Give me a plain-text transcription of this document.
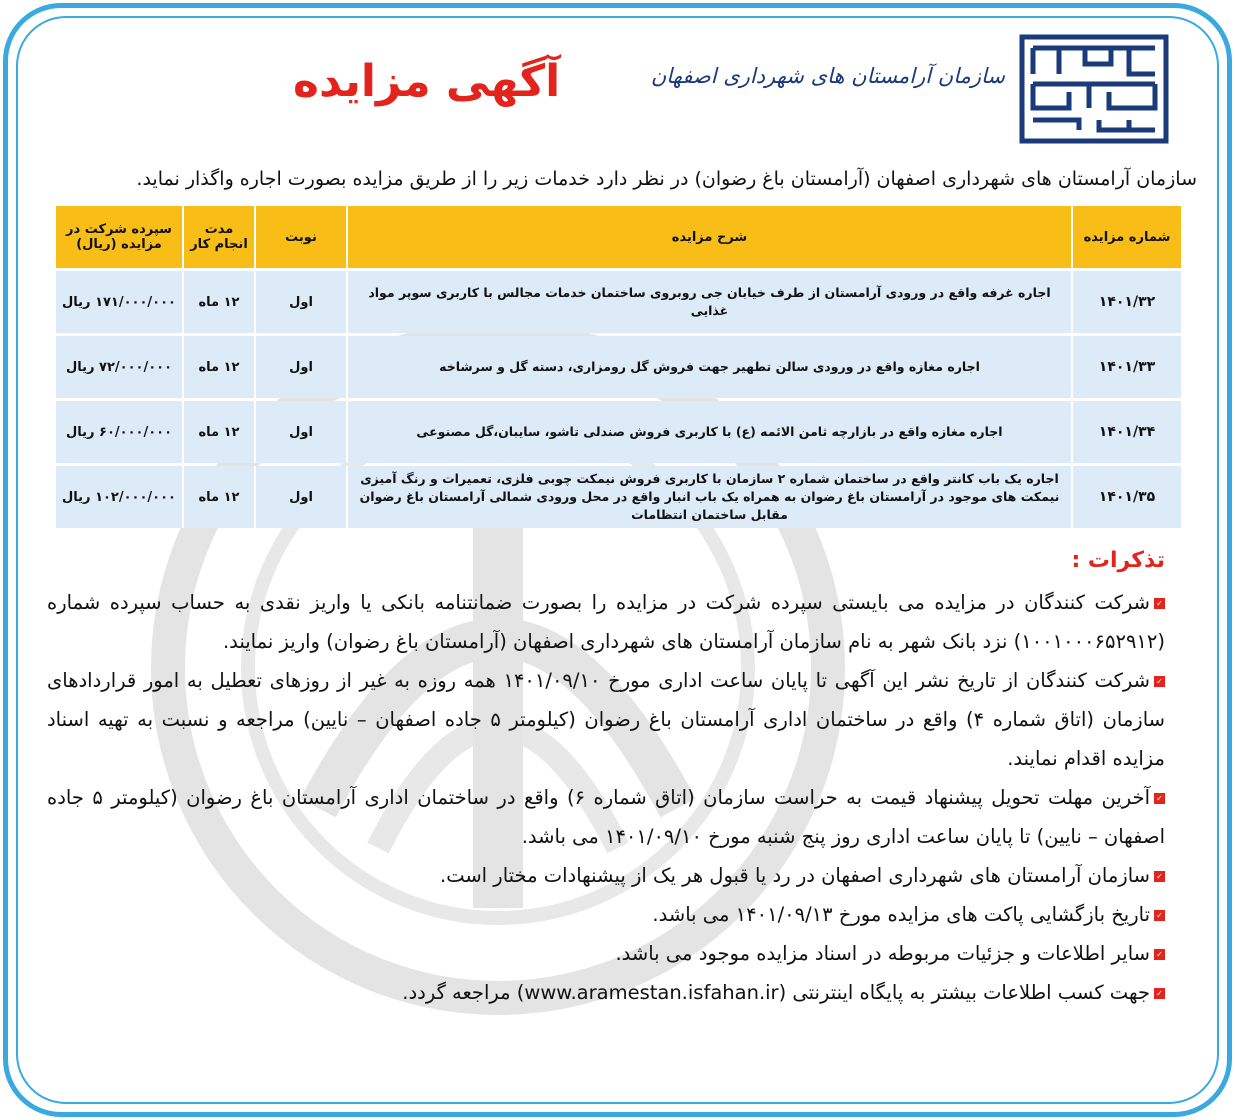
سازمان آرامستان های شهرداری اصفهان
آگهی مزایده
سازمان آرامستان های شهرداری اصفهان (آرامستان باغ رضوان) در نظر دارد خدمات زیر را از طریق مزایده بصورت اجاره واگذار نماید.
شماره مزایده	شرح مزایده	نوبت	مدت انجام کار	سپرده شرکت در مزایده (ریال)
۱۴۰۱/۳۲	اجاره غرفه واقع در ورودی آرامستان از طرف خیابان جی روبروی ساختمان خدمات مجالس با کاربری سوپر مواد غذایی	اول	۱۲ ماه	۱۷۱/۰۰۰/۰۰۰ ریال
۱۴۰۱/۳۳	اجاره مغازه واقع در ورودی سالن تطهیر جهت فروش گل رومزاری، دسته گل و سرشاخه	اول	۱۲ ماه	۷۲/۰۰۰/۰۰۰ ریال
۱۴۰۱/۳۴	اجاره مغازه واقع در بازارچه ثامن الائمه (ع) با کاربری فروش صندلی تاشو، سایبان،گل مصنوعی	اول	۱۲ ماه	۶۰/۰۰۰/۰۰۰ ریال
۱۴۰۱/۳۵	اجاره یک باب کانتر واقع در ساختمان شماره ۲ سازمان با کاربری فروش نیمکت چوبی فلزی، تعمیرات و رنگ آمیزی نیمکت های موجود در آرامستان باغ رضوان به همراه یک باب انبار واقع در محل ورودی شمالی آرامستان باغ رضوان مقابل ساختمان انتظامات	اول	۱۲ ماه	۱۰۲/۰۰۰/۰۰۰ ریال
تذکرات :

✓شرکت کنندگان در مزایده می بایستی سپرده شرکت در مزایده را بصورت ضمانتنامه بانکی یا واریز نقدی به حساب سپرده شماره (۱۰۰۱۰۰۰۶۵۲۹۱۲) نزد بانک شهر به نام سازمان آرامستان های شهرداری اصفهان (آرامستان باغ رضوان) واریز نمایند.

✓شرکت کنندگان از تاریخ نشر این آگهی تا پایان ساعت اداری مورخ ۱۴۰۱/۰۹/۱۰ همه روزه به غیر از روزهای تعطیل به امور قراردادهای سازمان (اتاق شماره ۴) واقع در ساختمان اداری آرامستان باغ رضوان (کیلومتر ۵ جاده اصفهان – نایین) مراجعه و نسبت به تهیه اسناد مزایده اقدام نمایند.

✓آخرین مهلت تحویل پیشنهاد قیمت به حراست سازمان (اتاق شماره ۶) واقع در ساختمان اداری آرامستان باغ رضوان (کیلومتر ۵ جاده اصفهان – نایین) تا پایان ساعت اداری روز پنج شنبه مورخ ۱۴۰۱/۰۹/۱۰ می باشد.

✓سازمان آرامستان های شهرداری اصفهان در رد یا قبول هر یک از پیشنهادات مختار است.

✓تاریخ بازگشایی پاکت های مزایده مورخ ۱۴۰۱/۰۹/۱۳ می باشد.

✓سایر اطلاعات و جزئیات مربوطه در اسناد مزایده موجود می باشد.

✓جهت کسب اطلاعات بیشتر به پایگاه اینترنتی (www.aramestan.isfahan.ir) مراجعه گردد.
